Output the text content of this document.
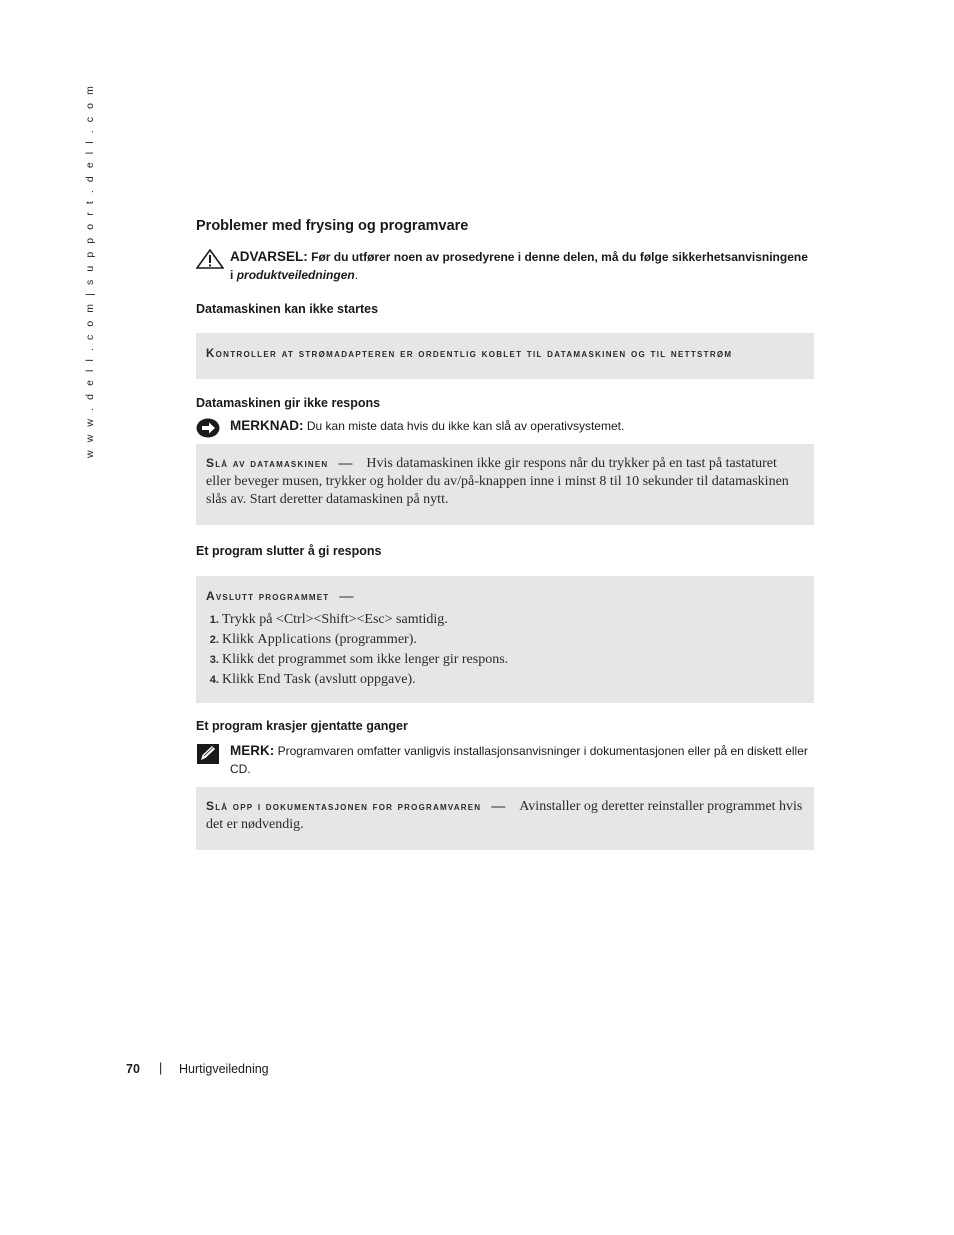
w w w . d e l l . c o m | s u p p o r t . d e l l . c o m	Problemer med frysing og programvare
ADVARSEL: Før du utfører noen av prosedyrene i denne delen, må du følge sikkerhetsanvisningene i produktveiledningen.

Datamaskinen kan ikke startes

Kontroller at strømadapteren er ordentlig koblet til datamaskinen og til nettstrøm

Datamaskinen gir ikke respons

MERKNAD: Du kan miste data hvis du ikke kan slå av operativsystemet.
Slå av datamaskinen — Hvis datamaskinen ikke gir respons når du trykker på en tast på tastaturet eller beveger musen, trykker og holder du av/på-knappen inne i minst 8 til 10 sekunder til datamaskinen slås av. Start deretter datamaskinen på nytt.

Et program slutter å gi respons

Avslutt programmet —
1. Trykk på <Ctrl><Shift><Esc> samtidig.
2. Klikk Applications (programmer).
3. Klikk det programmet som ikke lenger gir respons.
4. Klikk End Task (avslutt oppgave).

Et program krasjer gjentatte ganger

MERK: Programvaren omfatter vanligvis installasjonsanvisninger i dokumentasjonen eller på en diskett eller CD.
Slå opp i dokumentasjonen for programvaren — Avinstaller og deretter reinstaller programmet hvis det er nødvendig.
70 | Hurtigveiledning
